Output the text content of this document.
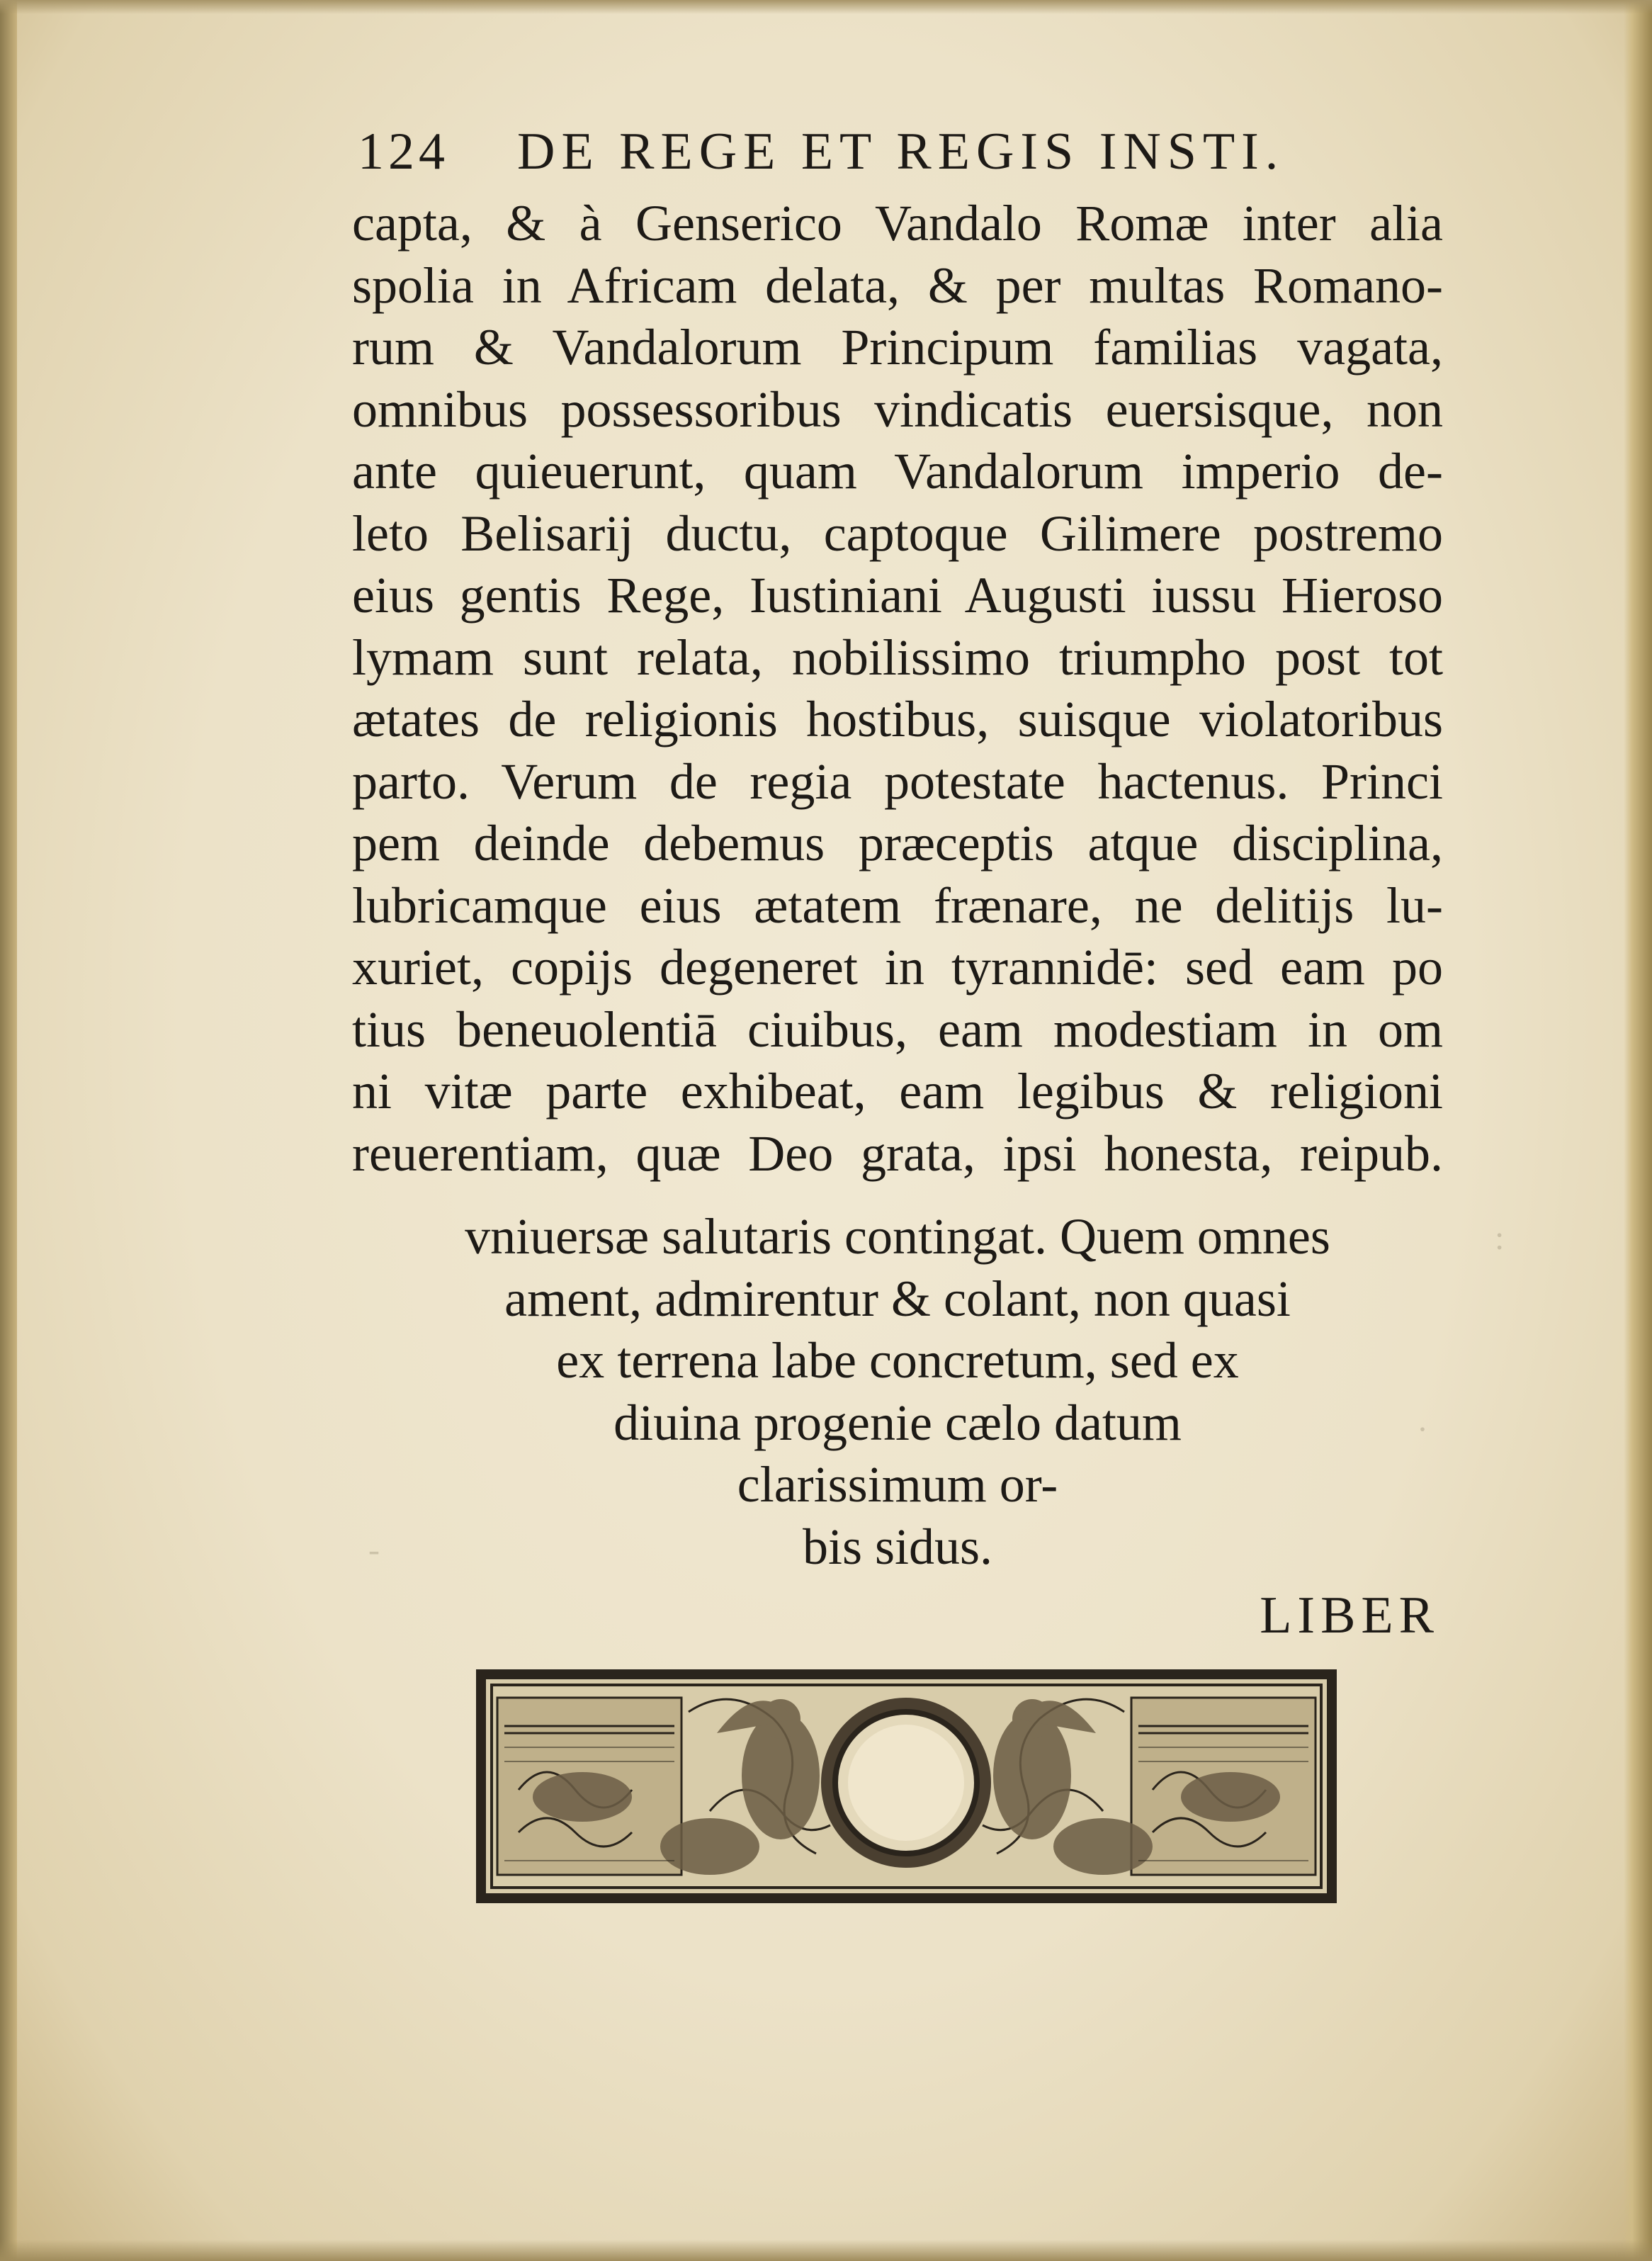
124 DE REGE ET REGIS INSTI.
capta, & à Genserico Vandalo Romæ inter alia
spolia in Africam delata, & per multas Romano-
rum & Vandalorum Principum familias vagata,
omnibus possessoribus vindicatis euersisque, non
ante quieuerunt, quam Vandalorum imperio de-
leto Belisarij ductu, captoque Gilimere postremo
eius gentis Rege, Iustiniani Augusti iussu Hieroso
lymam sunt relata, nobilissimo triumpho post tot
ætates de religionis hostibus, suisque violatoribus
parto. Verum de regia potestate hactenus. Princi
pem deinde debemus præceptis atque disciplina,
lubricamque eius ætatem frænare, ne delitijs lu-
xuriet, copijs degeneret in tyrannidē: sed eam po
tius beneuolentiā ciuibus, eam modestiam in om
ni vitæ parte exhibeat, eam legibus & religioni
reuerentiam, quæ Deo grata, ipsi honesta, reipub.
vniuersæ salutaris contingat. Quem omnes
ament, admirentur & colant, non quasi
ex terrena labe concretum, sed ex
diuina progenie cælo datum
clarissimum or-
bis sidus.
LIBER
:
·
-
